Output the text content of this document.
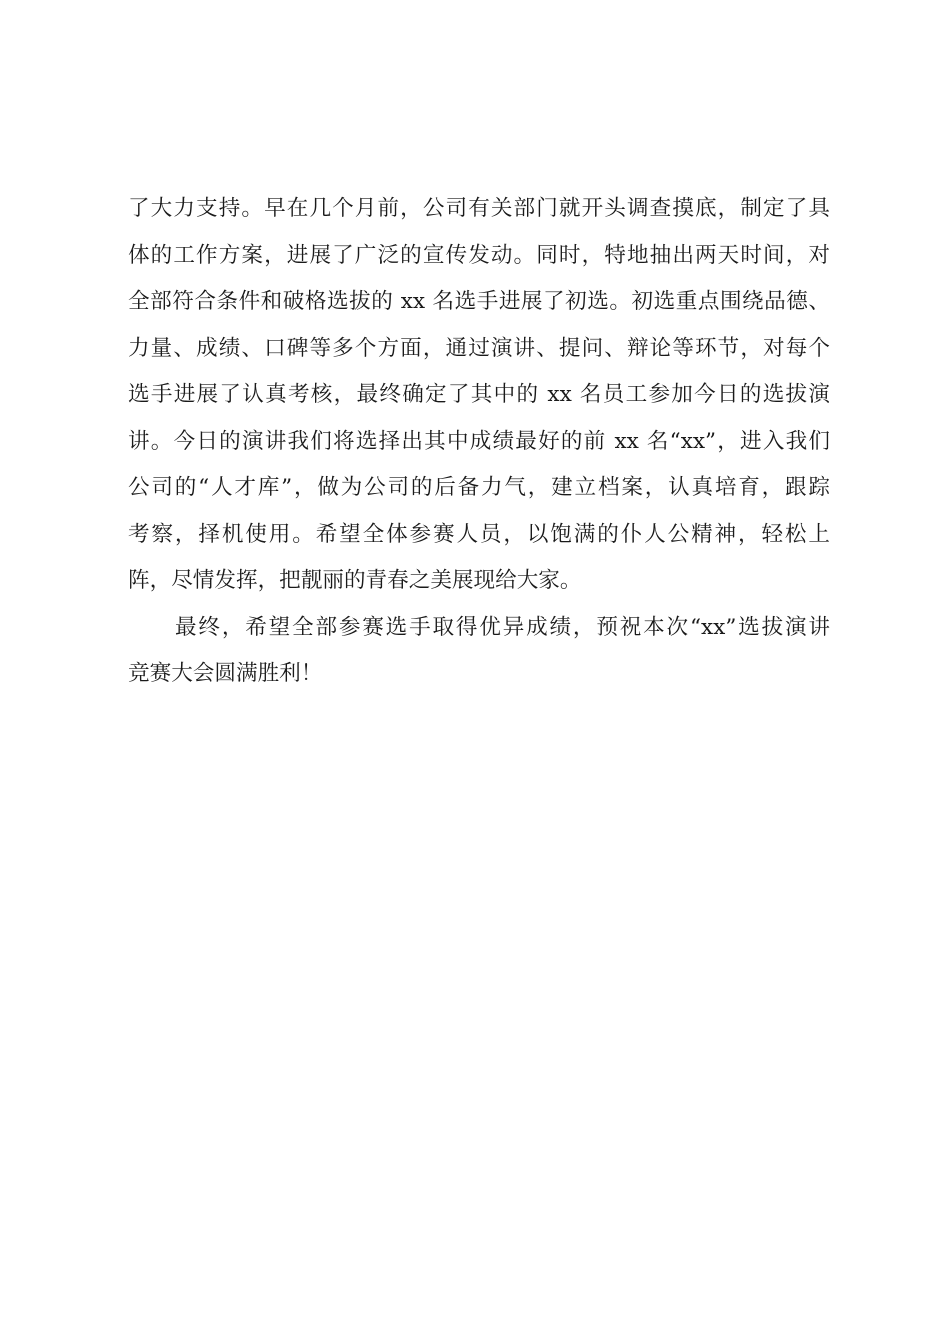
了大力支持。早在几个月前，公司有关部门就开头调查摸底，制定了具
体的工作方案，进展了广泛的宣传发动。同时，特地抽出两天时间，对
全部符合条件和破格选拔的 xx 名选手进展了初选。初选重点围绕品德、
力量、成绩、口碑等多个方面，通过演讲、提问、辩论等环节，对每个
选手进展了认真考核，最终确定了其中的 xx 名员工参加今日的选拔演
讲。今日的演讲我们将选择出其中成绩最好的前 xx 名“xx”，进入我们
公司的“人才库”，做为公司的后备力气，建立档案，认真培育，跟踪
考察，择机使用。希望全体参赛人员，以饱满的仆人公精神，轻松上
阵，尽情发挥，把靓丽的青春之美展现给大家。
最终，希望全部参赛选手取得优异成绩，预祝本次“xx”选拔演讲
竞赛大会圆满胜利！
